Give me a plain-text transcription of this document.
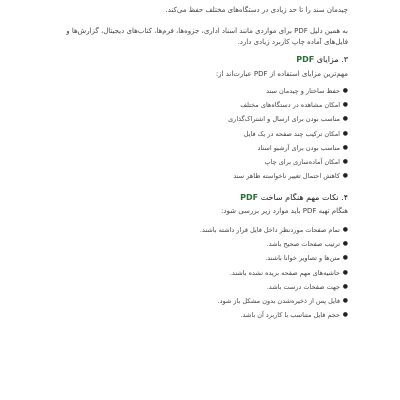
چیدمان سند را تا حد زیادی در دستگاه‌های مختلف حفظ می‌کند.

به همین دلیل PDF برای مواردی مانند اسناد اداری، جزوه‌ها، فرم‌ها، کتاب‌های دیجیتال، گزارش‌ها و فایل‌های آماده چاپ کاربرد زیادی دارد.

۳. مزایای PDF

مهم‌ترین مزایای استفاده از PDF عبارت‌اند از:

●
حفظ ساختار و چیدمان سند
●
امکان مشاهده در دستگاه‌های مختلف
●
مناسب بودن برای ارسال و اشتراک‌گذاری
●
امکان ترکیب چند صفحه در یک فایل
●
مناسب بودن برای آرشیو اسناد
●
امکان آماده‌سازی برای چاپ
●
کاهش احتمال تغییر ناخواسته ظاهر سند
۴. نکات مهم هنگام ساخت PDF

هنگام تهیه PDF باید موارد زیر بررسی شود:

●
تمام صفحات موردنظر داخل فایل قرار داشته باشند.
●
ترتیب صفحات صحیح باشد.
●
متن‌ها و تصاویر خوانا باشند.
●
حاشیه‌های مهم صفحه بریده نشده باشند.
●
جهت صفحات درست باشد.
●
فایل پس از ذخیره‌شدن بدون مشکل باز شود.
●
حجم فایل متناسب با کاربرد آن باشد.
